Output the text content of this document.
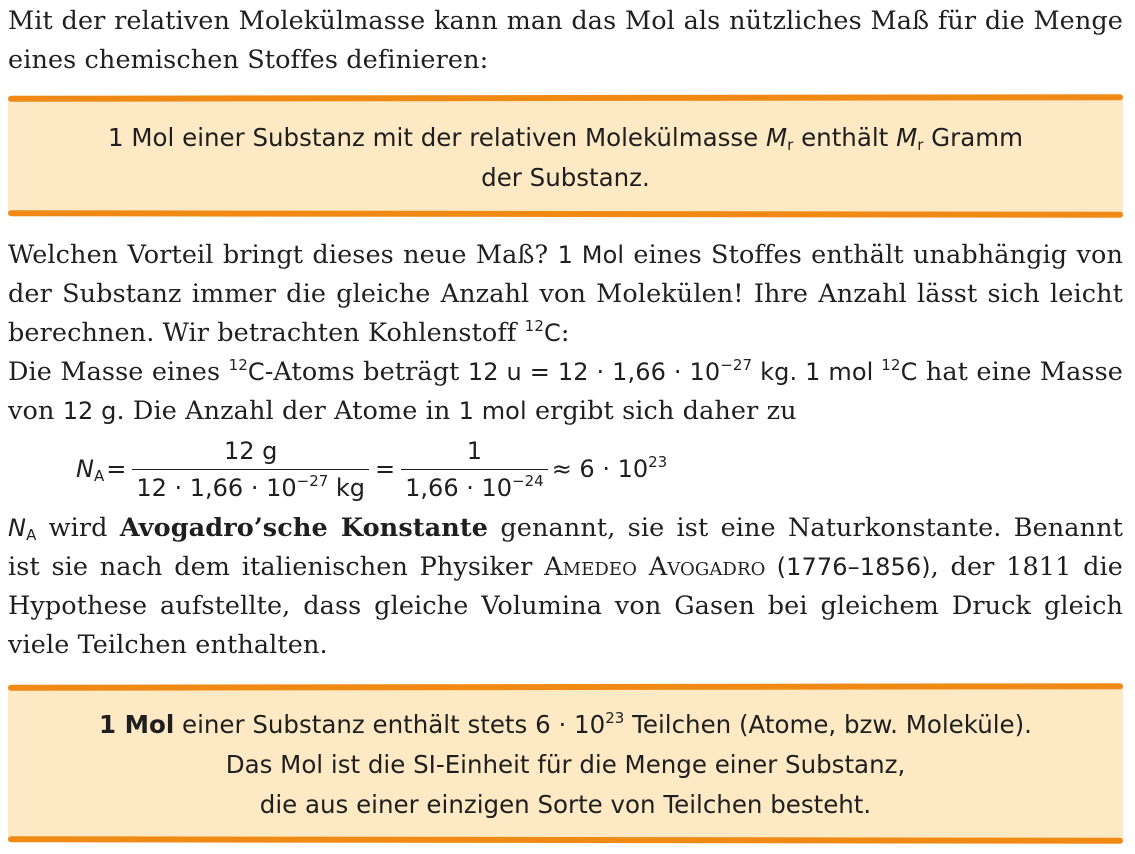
Mit der relativen Molekülmasse kann man das Mol als nützliches Maß für die Menge eines chemischen Stoffes definieren:
1 Mol einer Substanz mit der relativen Molekülmasse $M_r$ enthält $M_r$ Gramm
der Substanz.
Welchen Vorteil bringt dieses neue Maß? 1 Mol eines Stoffes enthält unabhängig von der Substanz immer die gleiche Anzahl von Molekülen! Ihre Anzahl lässt sich leicht berechnen. Wir betrachten Kohlenstoff $^{12}$C:
Die Masse eines $^{12}$C-Atoms beträgt 12 $u = 12 \cdot 1,66 \cdot 10^{-27}$ kg. 1 mol $^{12}$C hat eine Masse von 12 g. Die Anzahl der Atome in 1 mol ergibt sich daher zu
$N_A = \frac{12 g}{12 \cdot 1,66 \cdot 10^{-27} kg} = \frac{1}{1,66 \cdot 10^{-24}} \approx 6 \cdot 10^{23}$
$N_A$ wird Avogadro’sche Konstante genannt, sie ist eine Naturkonstante. Benannt ist sie nach dem italienischen Physiker Amedeo Avogadro (1776–1856), der 1811 die Hypothese aufstellte, dass gleiche Volumina von Gasen bei gleichem Druck gleich viele Teilchen enthalten.
1 Mol einer Substanz enthält stets $6 \cdot 10^{23}$ Teilchen (Atome, bzw. Moleküle).
Das Mol ist die SI-Einheit für die Menge einer Substanz,
die aus einer einzigen Sorte von Teilchen besteht.
